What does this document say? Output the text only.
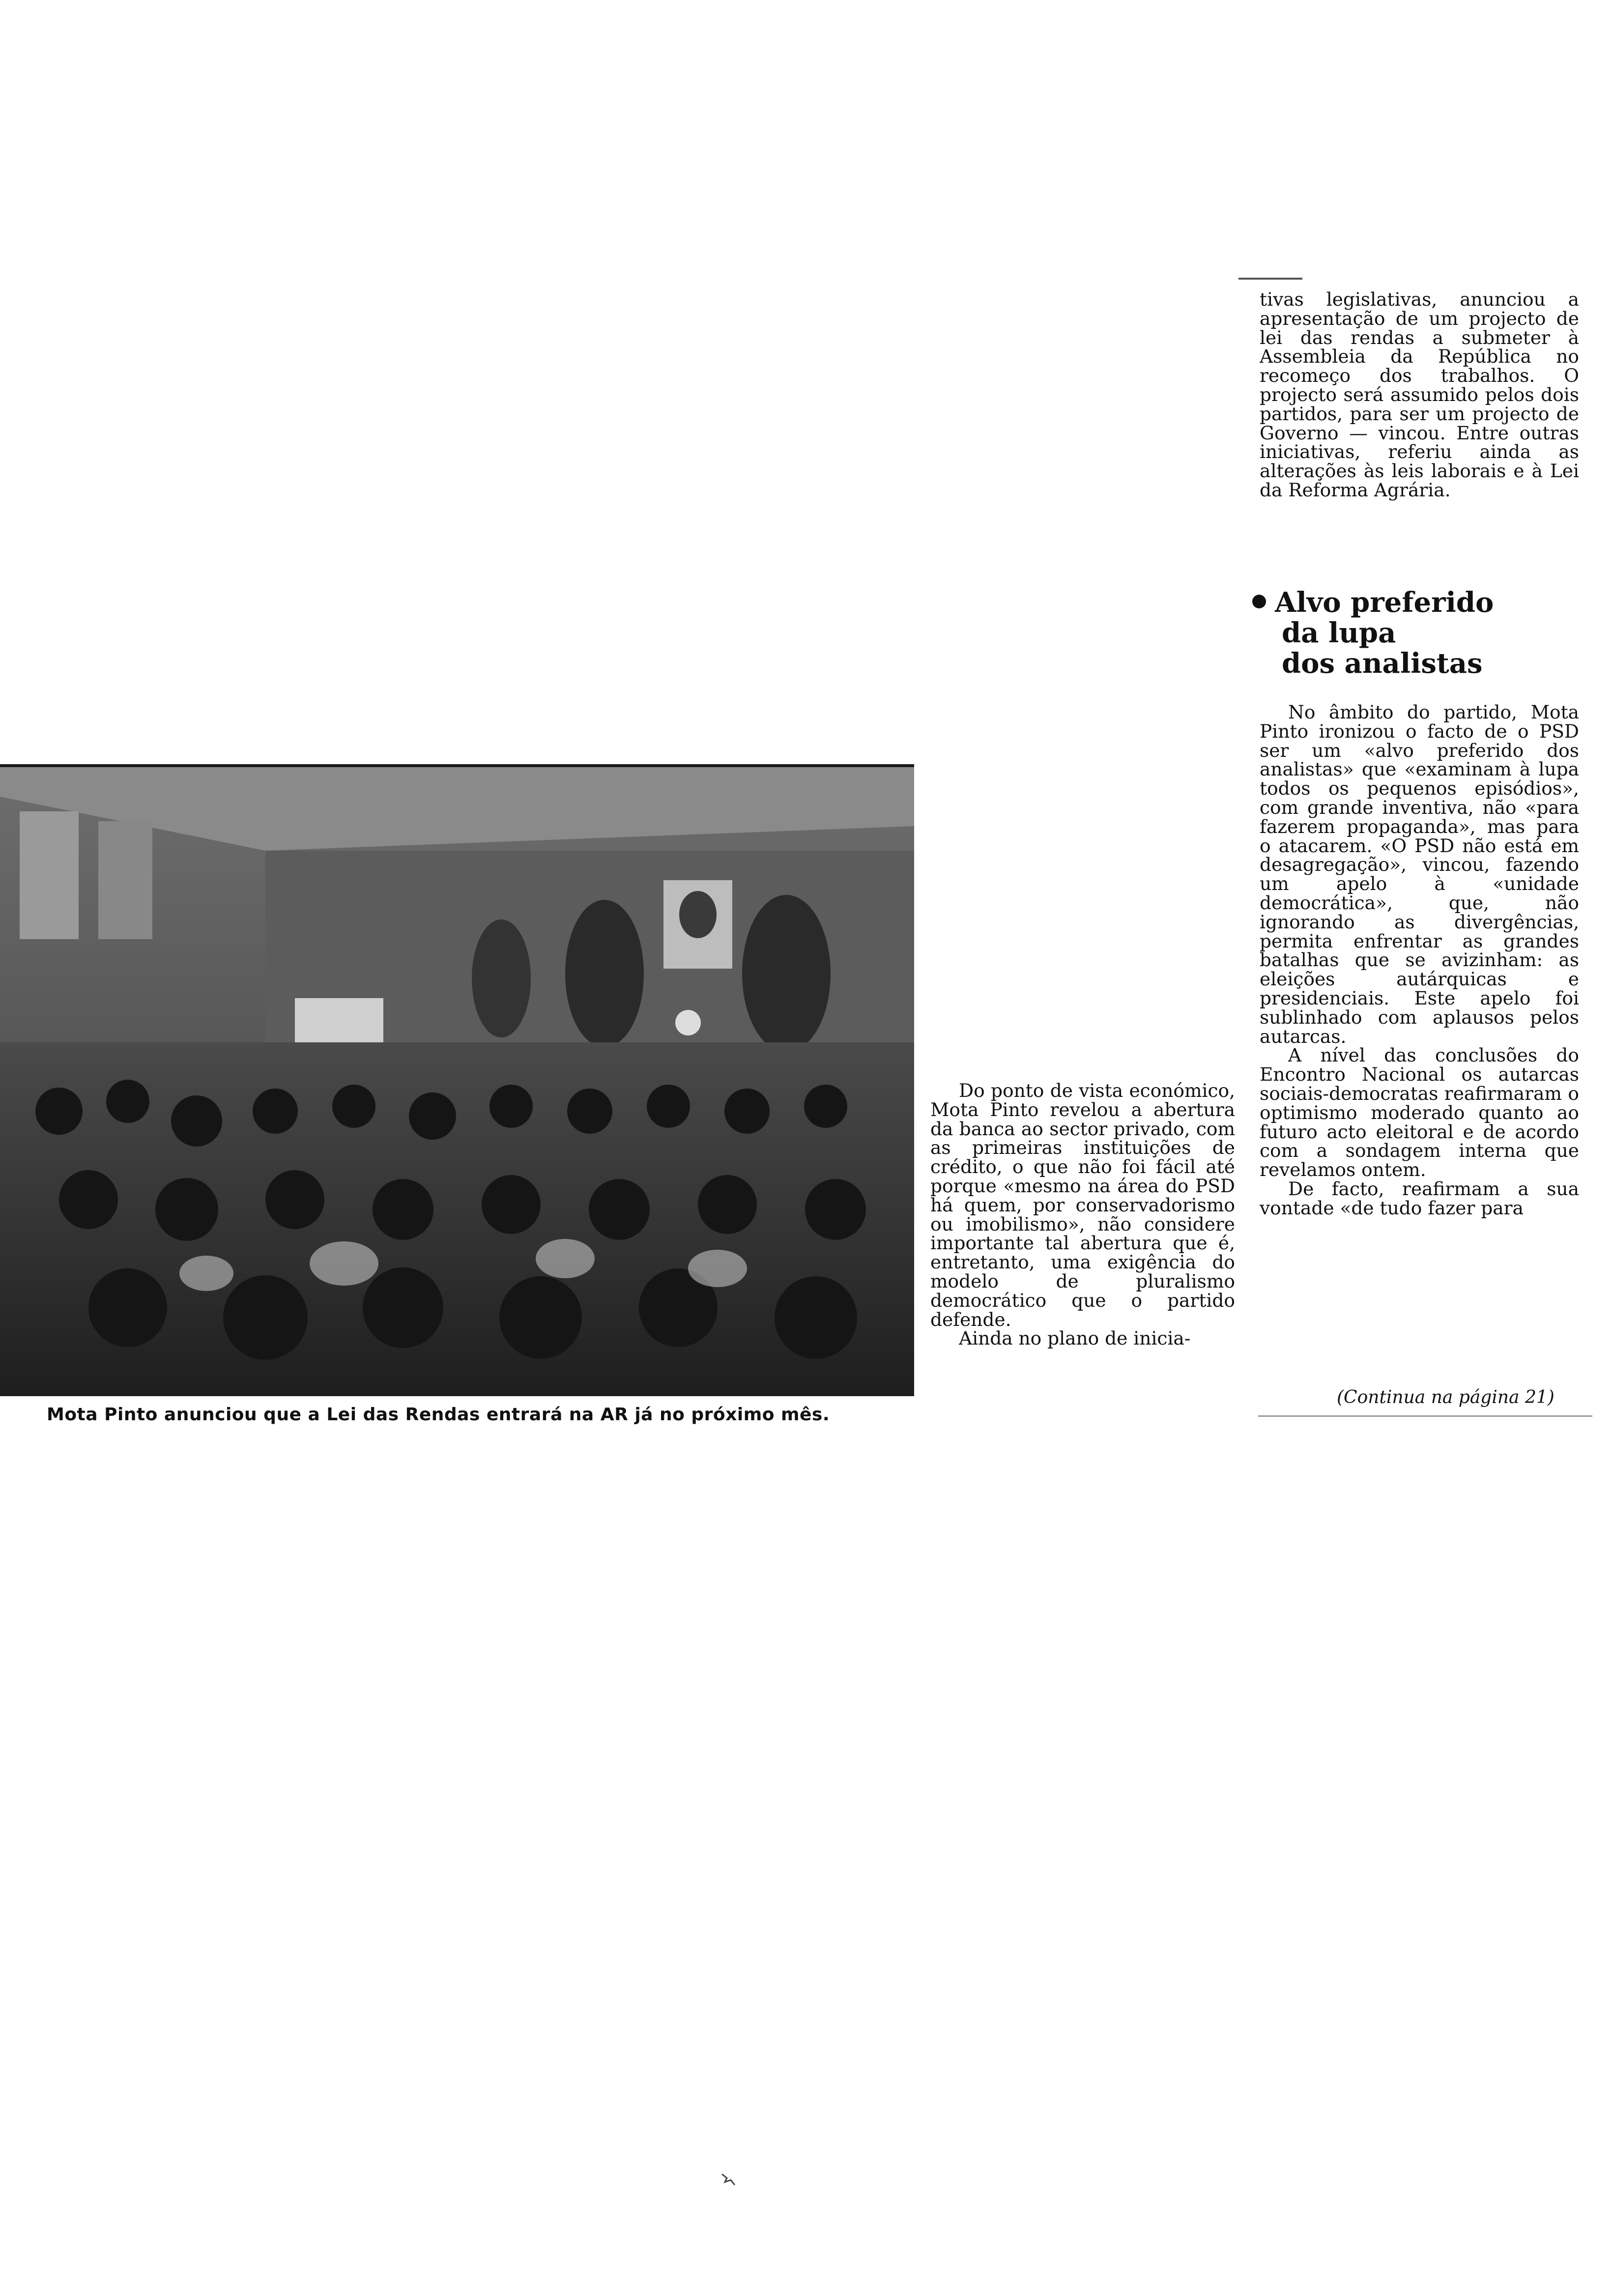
Mota Pinto anunciou que a Lei das Rendas entrará na AR já no próximo mês.

Do ponto de vista económico, Mota Pinto revelou a abertura da banca ao sector privado, com as primeiras instituições de crédito, o que não foi fácil até porque «mesmo na área do PSD há quem, por conservadorismo ou imobilismo», não considere importante tal abertura que é, entretanto, uma exigência do modelo de pluralismo democrático que o partido defende.

Ainda no plano de inicia-

tivas legislativas, anunciou a apresentação de um projecto de lei das rendas a submeter à Assembleia da República no recomeço dos trabalhos. O projecto será assumido pelos dois partidos, para ser um projecto de Governo — vincou. Entre outras iniciativas, referiu ainda as alterações às leis laborais e à Lei da Reforma Agrária.

Alvo preferido
da lupa
dos analistas

No âmbito do partido, Mota Pinto ironizou o facto de o PSD ser um «alvo preferido dos analistas» que «examinam à lupa todos os pequenos episódios», com grande inventiva, não «para fazerem propaganda», mas para o atacarem. «O PSD não está em desagregação», vincou, fazendo um apelo à «unidade democrática», que, não ignorando as divergências, permita enfrentar as grandes batalhas que se avizinham: as eleições autárquicas e presidenciais. Este apelo foi sublinhado com aplausos pelos autarcas.

A nível das conclusões do Encontro Nacional os autarcas sociais-democratas reafirmaram o optimismo moderado quanto ao futuro acto eleitoral e de acordo com a sondagem interna que revelamos ontem.

De facto, reafirmam a sua vontade «de tudo fazer para

(Continua na página 21)
